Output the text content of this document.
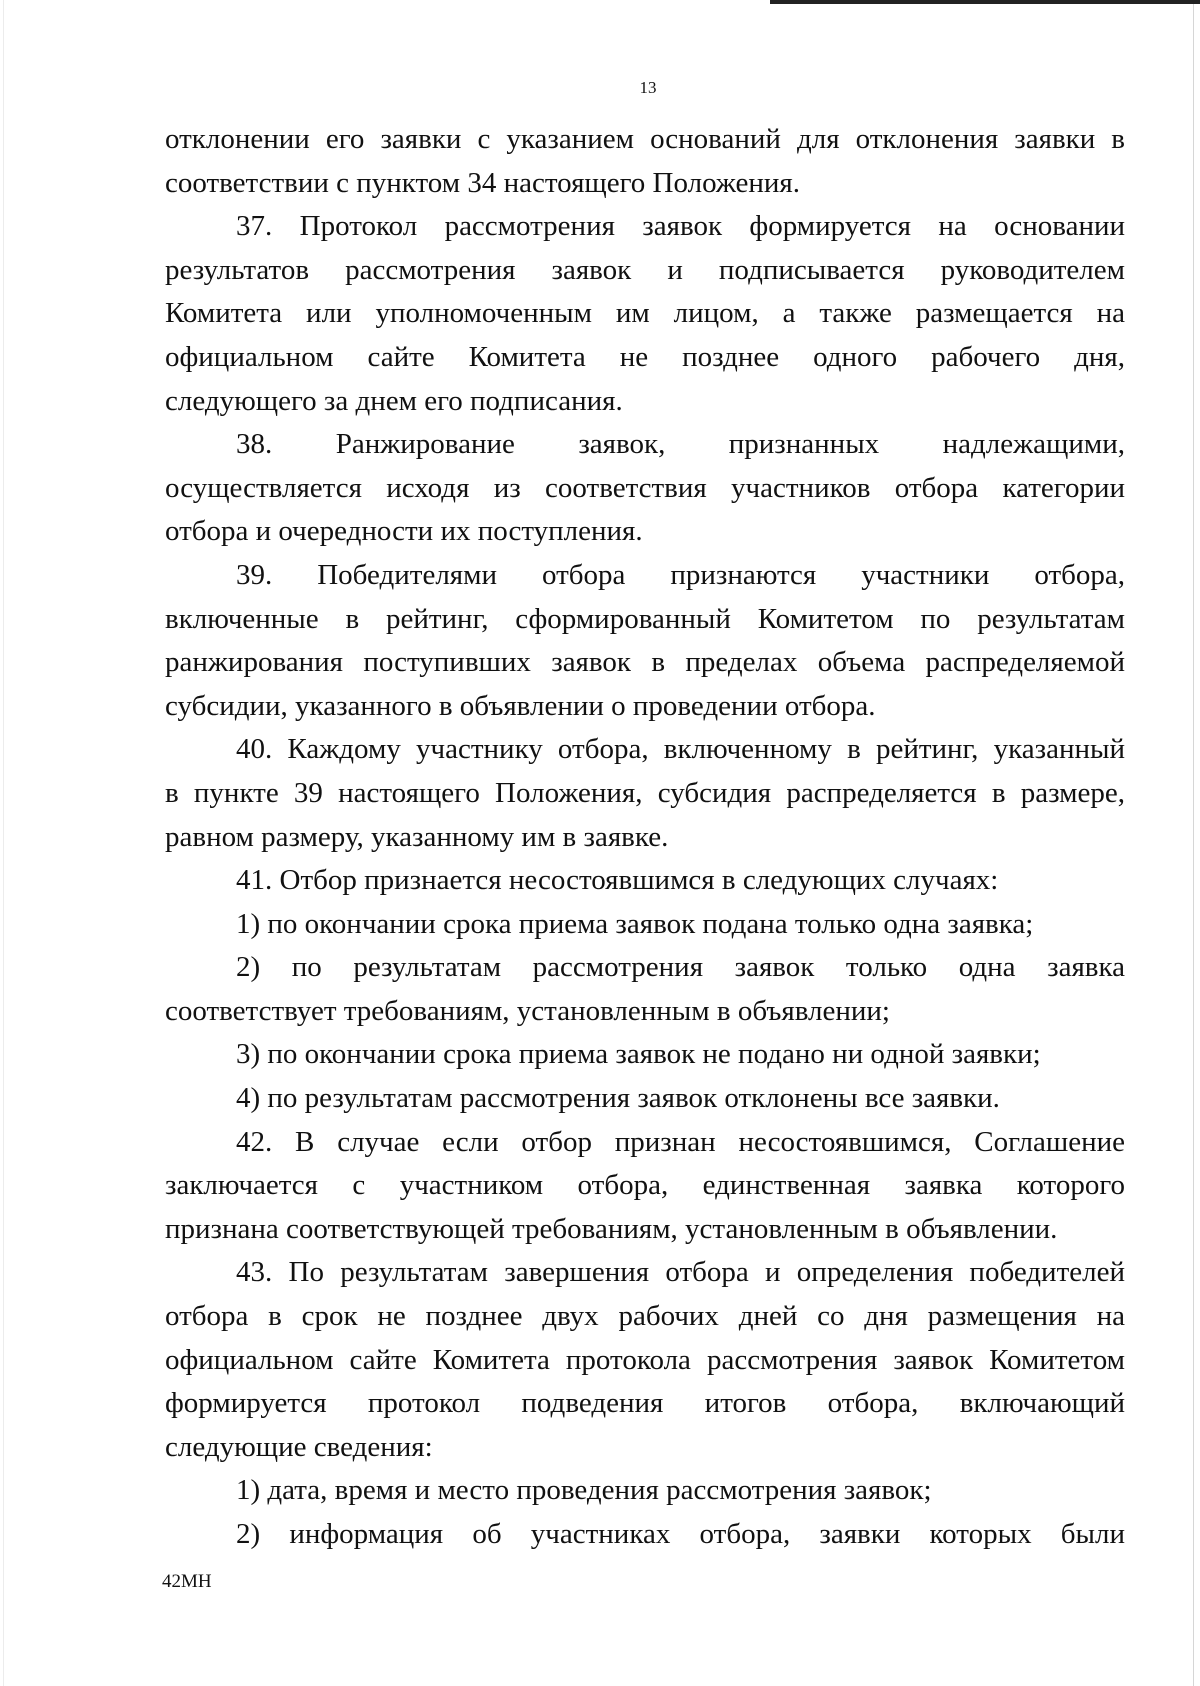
13
отклонении его заявки с указанием оснований для отклонения заявки в
соответствии с пунктом 34 настоящего Положения.
37. Протокол рассмотрения заявок формируется на основании
результатов рассмотрения заявок и подписывается руководителем
Комитета или уполномоченным им лицом, а также размещается на
официальном сайте Комитета не позднее одного рабочего дня,
следующего за днем его подписания.
38. Ранжирование заявок, признанных надлежащими,
осуществляется исходя из соответствия участников отбора категории
отбора и очередности их поступления.
39. Победителями отбора признаются участники отбора,
включенные в рейтинг, сформированный Комитетом по результатам
ранжирования поступивших заявок в пределах объема распределяемой
субсидии, указанного в объявлении о проведении отбора.
40. Каждому участнику отбора, включенному в рейтинг, указанный
в пункте 39 настоящего Положения, субсидия распределяется в размере,
равном размеру, указанному им в заявке.
41. Отбор признается несостоявшимся в следующих случаях:
1) по окончании срока приема заявок подана только одна заявка;
2) по результатам рассмотрения заявок только одна заявка
соответствует требованиям, установленным в объявлении;
3) по окончании срока приема заявок не подано ни одной заявки;
4) по результатам рассмотрения заявок отклонены все заявки.
42. В случае если отбор признан несостоявшимся, Соглашение
заключается с участником отбора, единственная заявка которого
признана соответствующей требованиям, установленным в объявлении.
43. По результатам завершения отбора и определения победителей
отбора в срок не позднее двух рабочих дней со дня размещения на
официальном сайте Комитета протокола рассмотрения заявок Комитетом
формируется протокол подведения итогов отбора, включающий
следующие сведения:
1) дата, время и место проведения рассмотрения заявок;
2) информация об участниках отбора, заявки которых были
42МН
